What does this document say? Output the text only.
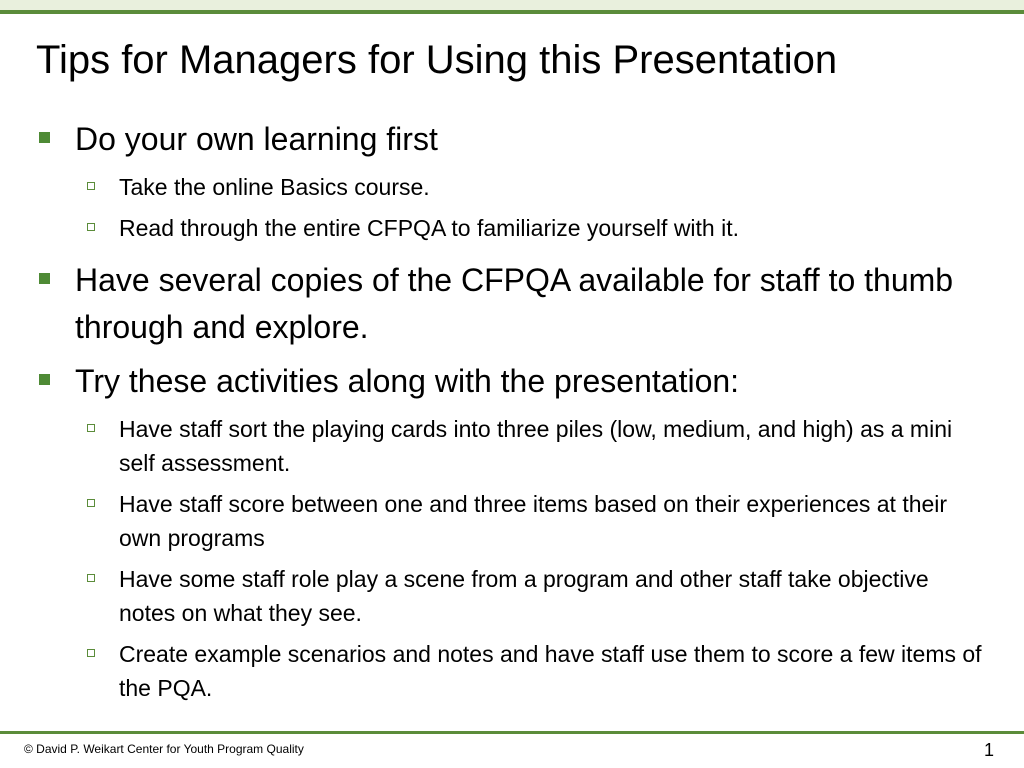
Tips for Managers for Using this Presentation
Do your own learning first
Take the online Basics course.
Read through the entire CFPQA to familiarize yourself with it.
Have several copies of the CFPQA available for staff to thumb through and explore.
Try these activities along with the presentation:
Have staff sort the playing cards into three piles (low, medium, and high) as a mini self assessment.
Have staff score between one and three items based on their experiences at their own programs
Have some staff role play a scene from a program and other staff take objective notes on what they see.
Create example scenarios and notes and have staff use them to score a few items of the PQA.
© David P. Weikart Center for Youth Program Quality	1
